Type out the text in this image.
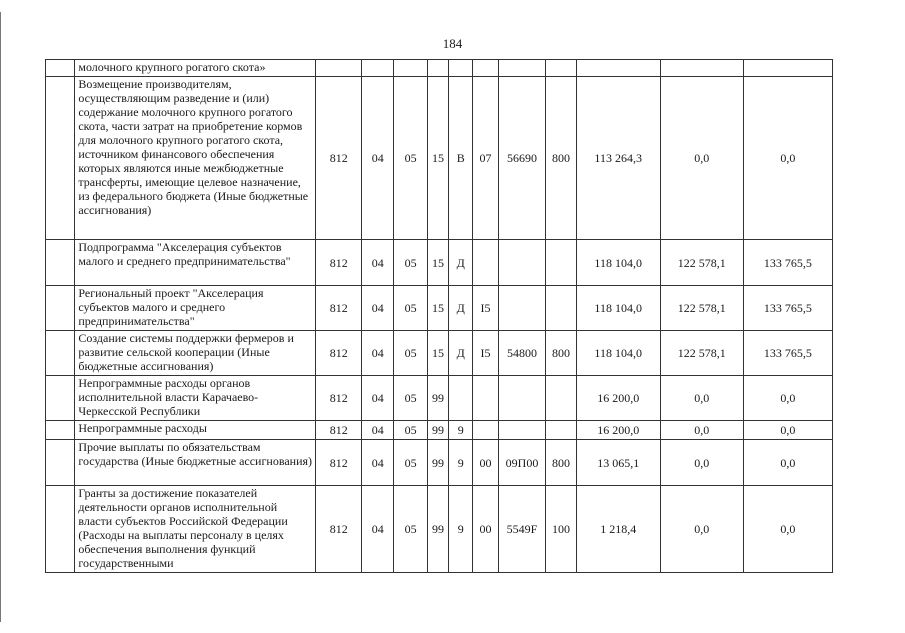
184
	молочного крупного рогатого скота»											
	Возмещение производителям, осуществляющим разведение и (или) содержание молочного крупного рогатого скота, части затрат на приобретение кормов для молочного крупного рогатого скота, источником финансового обеспечения которых являются иные межбюджетные трансферты, имеющие целевое назначение, из федерального бюджета (Иные бюджетные ассигнования)	812	04	05	15	В	07	56690	800	113 264,3	0,0	0,0
	Подпрограмма "Акселерация субъектов малого и среднего предпринимательства"	812	04	05	15	Д				118 104,0	122 578,1	133 765,5
	Региональный проект "Акселерация субъектов малого и среднего предпринимательства"	812	04	05	15	Д	I5			118 104,0	122 578,1	133 765,5
	Создание системы поддержки фермеров и развитие сельской кооперации (Иные бюджетные ассигнования)	812	04	05	15	Д	I5	54800	800	118 104,0	122 578,1	133 765,5
	Непрограммные расходы органов исполнительной власти Карачаево-Черкесской Республики	812	04	05	99					16 200,0	0,0	0,0
	Непрограммные расходы	812	04	05	99	9				16 200,0	0,0	0,0
	Прочие выплаты по обязательствам государства (Иные бюджетные ассигнования)	812	04	05	99	9	00	09П00	800	13 065,1	0,0	0,0
	Гранты за достижение показателей деятельности органов исполнительной власти субъектов Российской Федерации (Расходы на выплаты персоналу в целях обеспечения выполнения функций государственными	812	04	05	99	9	00	5549F	100	1 218,4	0,0	0,0
